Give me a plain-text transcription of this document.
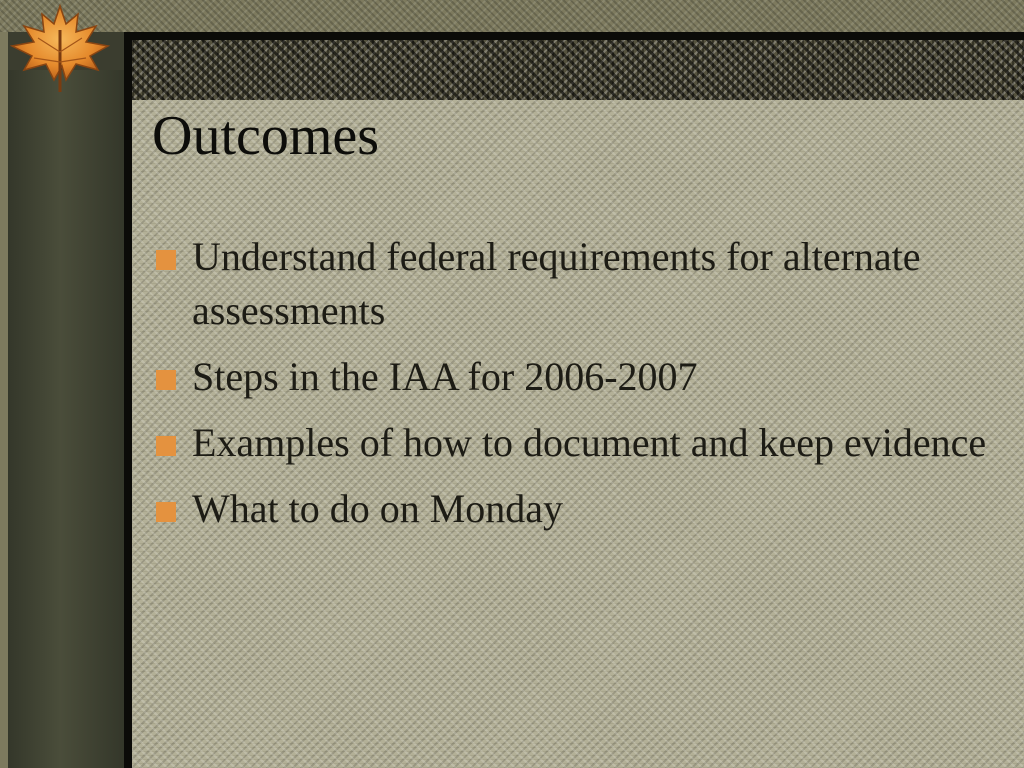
Outcomes
Understand federal requirements for alternate assessments
Steps in the IAA for 2006-2007
Examples of how to document and keep evidence
What to do on Monday
